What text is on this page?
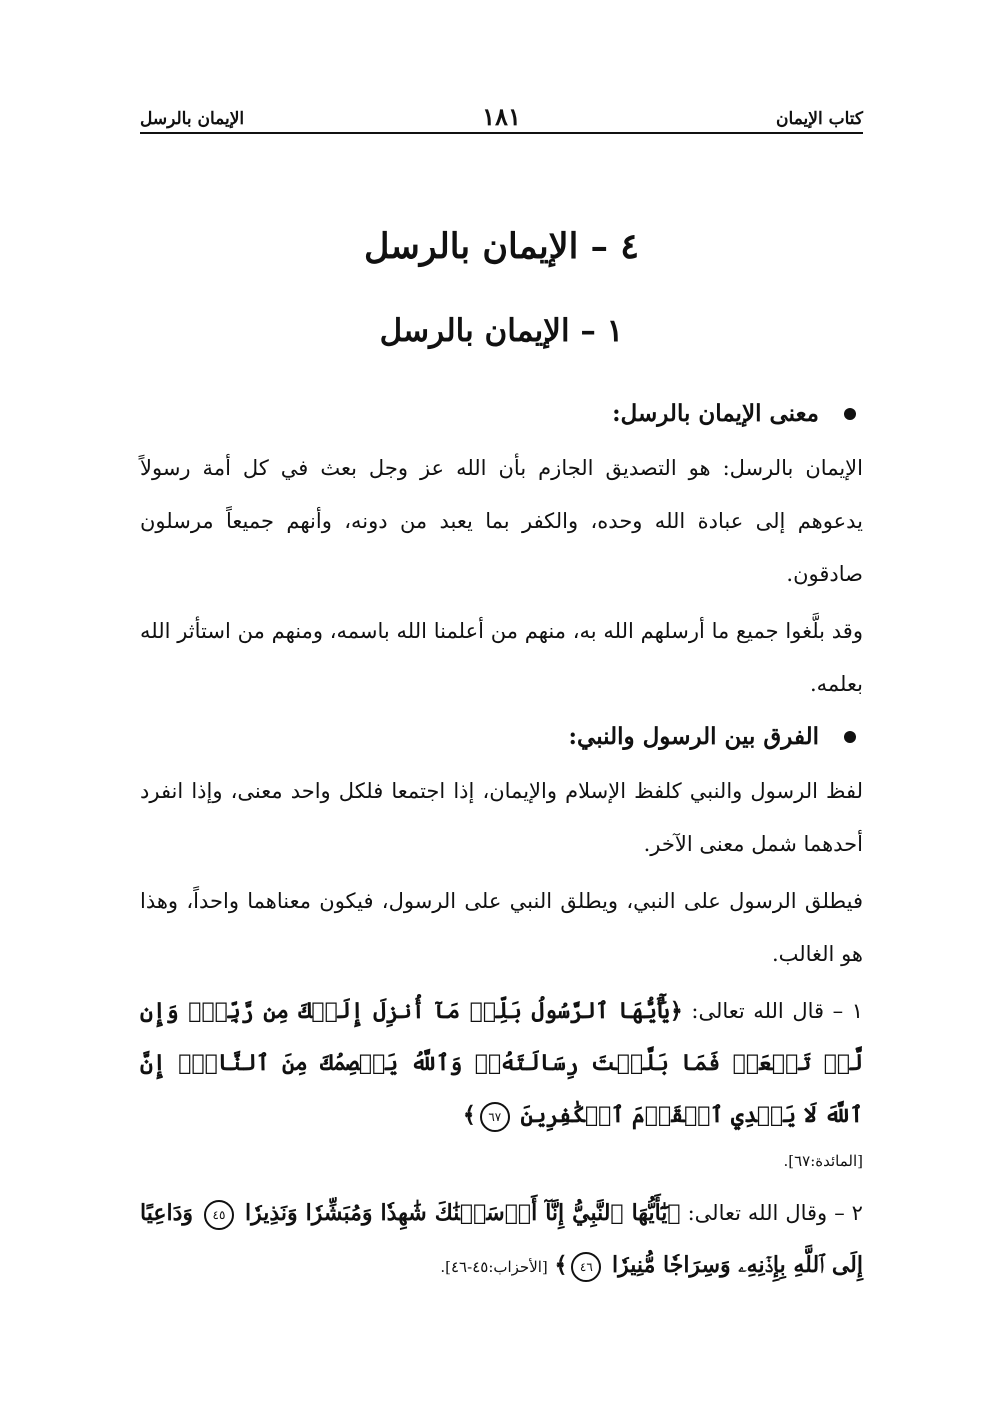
كتاب الإيمان
١٨١
الإيمان بالرسل
٤ – الإيمان بالرسل
١ – الإيمان بالرسل
معنى الإيمان بالرسل:

الإيمان بالرسل: هو التصديق الجازم بأن الله عز وجل بعث في كل أمة رسولاً يدعوهم إلى عبادة الله وحده، والكفر بما يعبد من دونه، وأنهم جميعاً مرسلون صادقون.

وقد بلَّغوا جميع ما أرسلهم الله به، منهم من أعلمنا الله باسمه، ومنهم من استأثر الله بعلمه.

الفرق بين الرسول والنبي:

لفظ الرسول والنبي كلفظ الإسلام والإيمان، إذا اجتمعا فلكل واحد معنى، وإذا انفرد أحدهما شمل معنى الآخر.

فيطلق الرسول على النبي، ويطلق النبي على الرسول، فيكون معناهما واحداً، وهذا هو الغالب.

١ – قال الله تعالى: ﴿يَٰٓأَيُّهَا ٱلرَّسُولُ بَلِّغۡ مَآ أُنزِلَ إِلَيۡكَ مِن رَّبِّكَۖ وَإِن لَّمۡ تَفۡعَلۡ فَمَا بَلَّغۡتَ رِسَالَتَهُۥۚ وَٱللَّهُ يَعۡصِمُكَ مِنَ ٱلنَّاسِۗ إِنَّ ٱللَّهَ لَا يَهۡدِي ٱلۡقَوۡمَ ٱلۡكَٰفِرِينَ ٦٧﴾

[المائدة:٦٧].

٢ – وقال الله تعالى: ﴿يَٰٓأَيُّهَا ٱلنَّبِيُّ إِنَّآ أَرۡسَلۡنَٰكَ شَٰهِدٗا وَمُبَشِّرٗا وَنَذِيرٗا ٤٥ وَدَاعِيًا إِلَى ٱللَّهِ بِإِذۡنِهِۦ وَسِرَاجٗا مُّنِيرٗا ٤٦﴾ [الأحزاب:٤٥-٤٦].
